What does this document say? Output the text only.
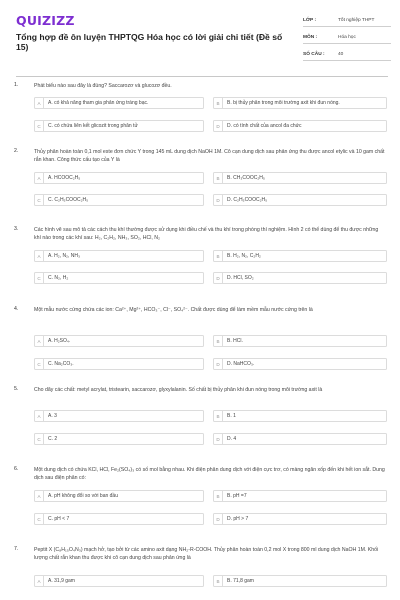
QUIZIZZ
Tổng hợp đề ôn luyện THPTQG Hóa học có lời giải chi tiết (Đề số 15)
LỚP :	Tốt nghiệp THPT
MÔN :	Hóa học
SỐ CÂU :	40
1.	Phát biểu nào sau đây là đúng? Saccarozơ và glucozơ đều.
A	A. có khả năng tham gia phản ứng tráng bạc.	B	B. bị thủy phân trong môi trường axit khi đun nóng.
C	C. có chứa liên kết glicozit trong phân tử	D	D. có tính chất của ancol đa chức
2.	Thủy phân hoàn toàn 0,1 mol este đơn chức Y trong 145 mL dung dịch NaOH 1M. Cô cạn dung dịch sau phản ứng thu được ancol etylic và 10 gam chất rắn khan. Công thức cấu tạo của Y là
A	A. HCOOC₂H₅	B	B. CH₃COOC₂H₅
C	C. C₂H₅COOC₂H₅	D	D. C₂H₅COOC₂H₅
3.	Các hình vẽ sau mô tả các cách thu khí thường được sử dụng khi điều chế và thu khí trong phòng thí nghiệm. Hình 2 có thể dùng để thu được những khí nào trong các khí sau: H₂, C₂H₂, NH₃, SO₂, HCl, N₂
A	A. H₂, N₂, NH₃	B	B. H₂, N₂, C₂H₂
C	C. N₂, H₂	D	D. HCl, SO₂
4.	Một mẫu nước cứng chứa các ion: Ca²⁺, Mg²⁺, HCO₃⁻, Cl⁻, SO₄²⁻. Chất được dùng để làm mềm mẫu nước cứng trên là
A	A. H₂SO₄.	B	B. HCl.
C	C. Na₂CO₃.	D	D. NaHCO₃.
5.	Cho dãy các chất: metyl acrylat, tristearin, saccarozơ, glyxylalanin. Số chất bị thủy phân khi đun nóng trong môi trường axit là
A	A. 3	B	B. 1
C	C. 2	D	D. 4
6.	Một dung dịch có chứa KCl, HCl, Fe₂(SO₄)₃ có số mol bằng nhau. Khi điện phân dung dịch với điện cực trơ, có màng ngăn xốp đến khi hết ion sắt. Dung dịch sau điện phân có:
A	A. pH không đổi so với ban đầu	B	B. pH =7
C	C. pH < 7	D	D. pH > 7
7.	Peptit X (C₈H₁₅O₄N₃) mạch hở, tạo bởi từ các amino axit dạng NH₂-R-COOH. Thủy phân hoàn toàn 0,2 mol X trong 800 ml dung dịch NaOH 1M. Khối lượng chất rắn khan thu được khi cô cạn dung dịch sau phản ứng là
A	A. 31,9 gam	B	B. 71,8 gam
